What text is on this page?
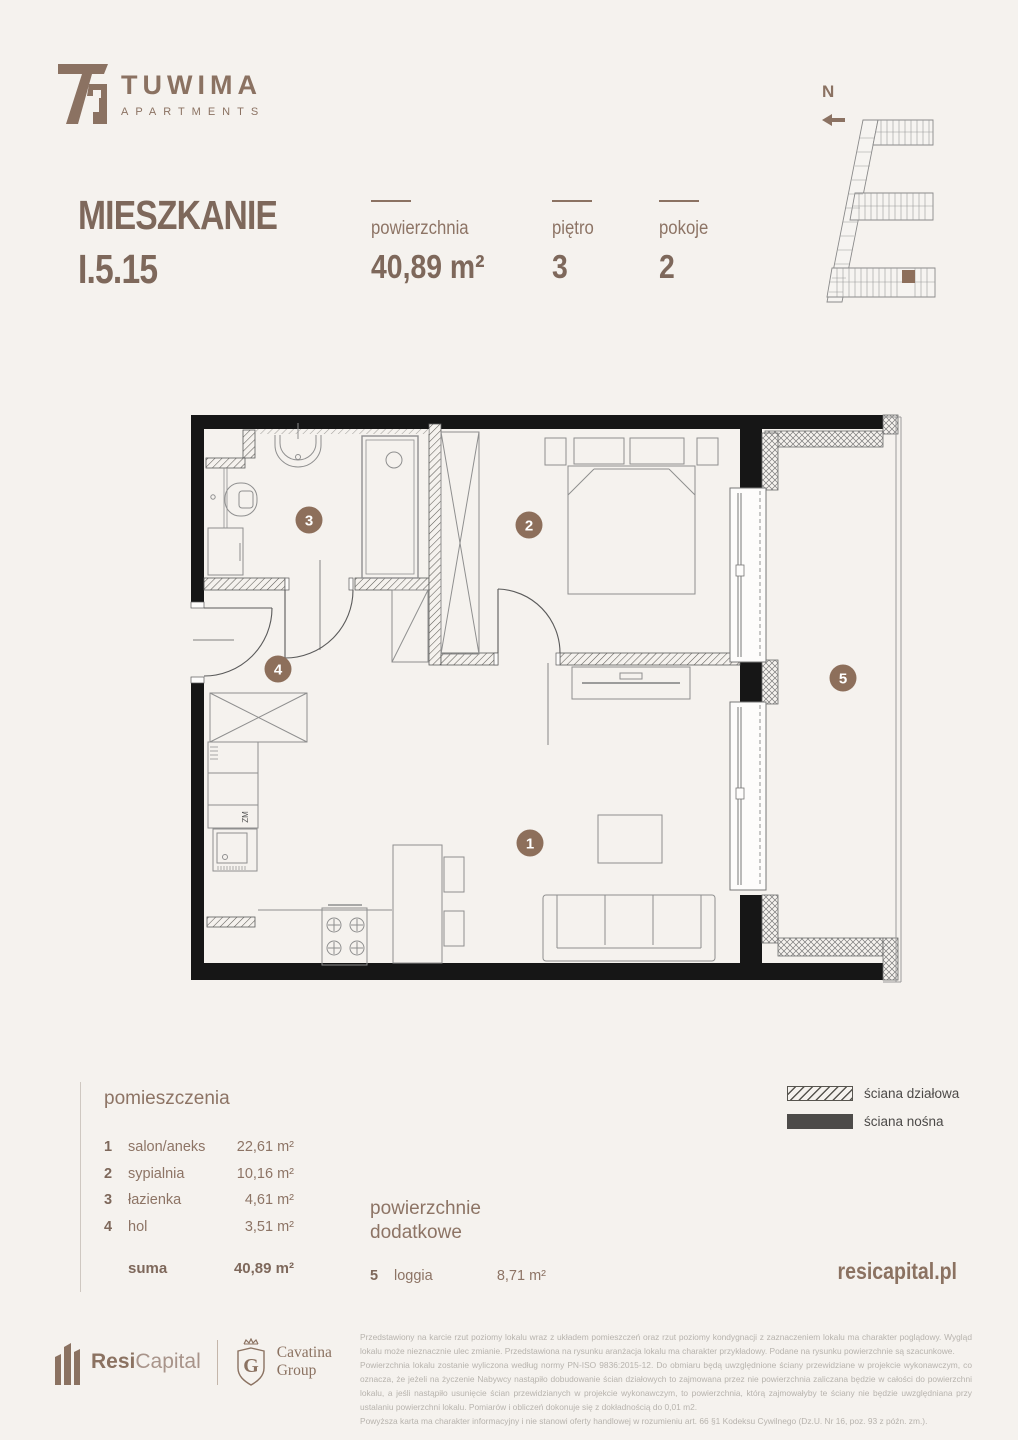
TUWIMA
APARTMENTS
MIESZKANIE
I.5.15
powierzchnia
40,89 m²
piętro
3
pokoje
2
N
ZM
1
2
3
4
5
pomieszczenia
1	salon/aneks	22,61 m²
2	sypialnia	10,16 m²
3	łazienka	4,61 m²
4	hol	3,51 m²
suma	40,89 m²
powierzchnie dodatkowe
5	loggia	8,71 m²
ściana działowa
ściana nośna
resicapital.pl
ResiCapital G
Cavatina Group

Przedstawiony na karcie rzut poziomy lokalu wraz z układem pomieszczeń oraz rzut poziomy kondygnacji z zaznaczeniem lokalu ma charakter poglądowy. Wygląd lokalu może nieznacznie ulec zmianie. Przedstawiona na rysunku aranżacja lokalu ma charakter przykładowy. Podane na rysunku powierzchnie są szacunkowe.

Powierzchnia lokalu zostanie wyliczona według normy PN-ISO 9836:2015-12. Do obmiaru będą uwzględnione ściany przewidziane w projekcie wykonawczym, co oznacza, że jeżeli na życzenie Nabywcy nastąpiło dobudowanie ścian działowych to zajmowana przez nie powierzchnia zaliczana będzie w całości do powierzchni lokalu, a jeśli nastąpiło usunięcie ścian przewidzianych w projekcie wykonawczym, to powierzchnia, którą zajmowałyby te ściany nie będzie uwzględniana przy ustalaniu powierzchni lokalu. Pomiarów i obliczeń dokonuje się z dokładnością do 0,01 m2.

Powyższa karta ma charakter informacyjny i nie stanowi oferty handlowej w rozumieniu art. 66 §1 Kodeksu Cywilnego (Dz.U. Nr 16, poz. 93 z późn. zm.).
